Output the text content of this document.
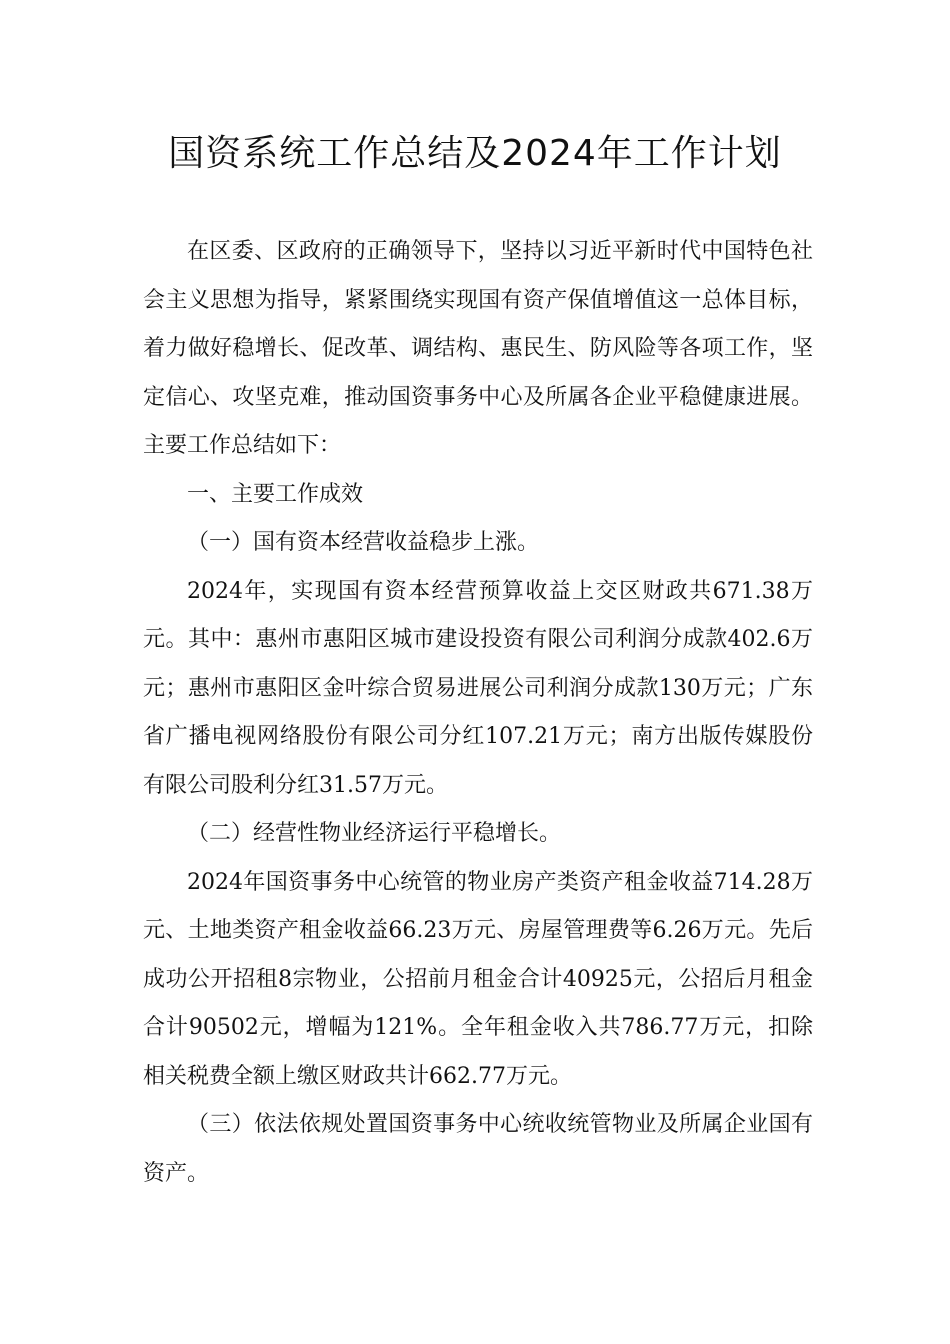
国资系统工作总结及2024年工作计划

在区委、区政府的正确领导下，坚持以习近平新时代中国特色社会主义思想为指导，紧紧围绕实现国有资产保值增值这一总体目标，着力做好稳增长、促改革、调结构、惠民生、防风险等各项工作，坚定信心、攻坚克难，推动国资事务中心及所属各企业平稳健康进展。主要工作总结如下：

一、主要工作成效

（一）国有资本经营收益稳步上涨。

2024年，实现国有资本经营预算收益上交区财政共671.38万元。其中：惠州市惠阳区城市建设投资有限公司利润分成款402.6万元；惠州市惠阳区金叶综合贸易进展公司利润分成款130万元；广东省广播电视网络股份有限公司分红107.21万元；南方出版传媒股份有限公司股利分红31.57万元。

（二）经营性物业经济运行平稳增长。

2024年国资事务中心统管的物业房产类资产租金收益714.28万元、土地类资产租金收益66.23万元、房屋管理费等6.26万元。先后成功公开招租8宗物业，公招前月租金合计40925元，公招后月租金合计90502元，增幅为121%。全年租金收入共786.77万元，扣除相关税费全额上缴区财政共计662.77万元。

（三）依法依规处置国资事务中心统收统管物业及所属企业国有资产。
